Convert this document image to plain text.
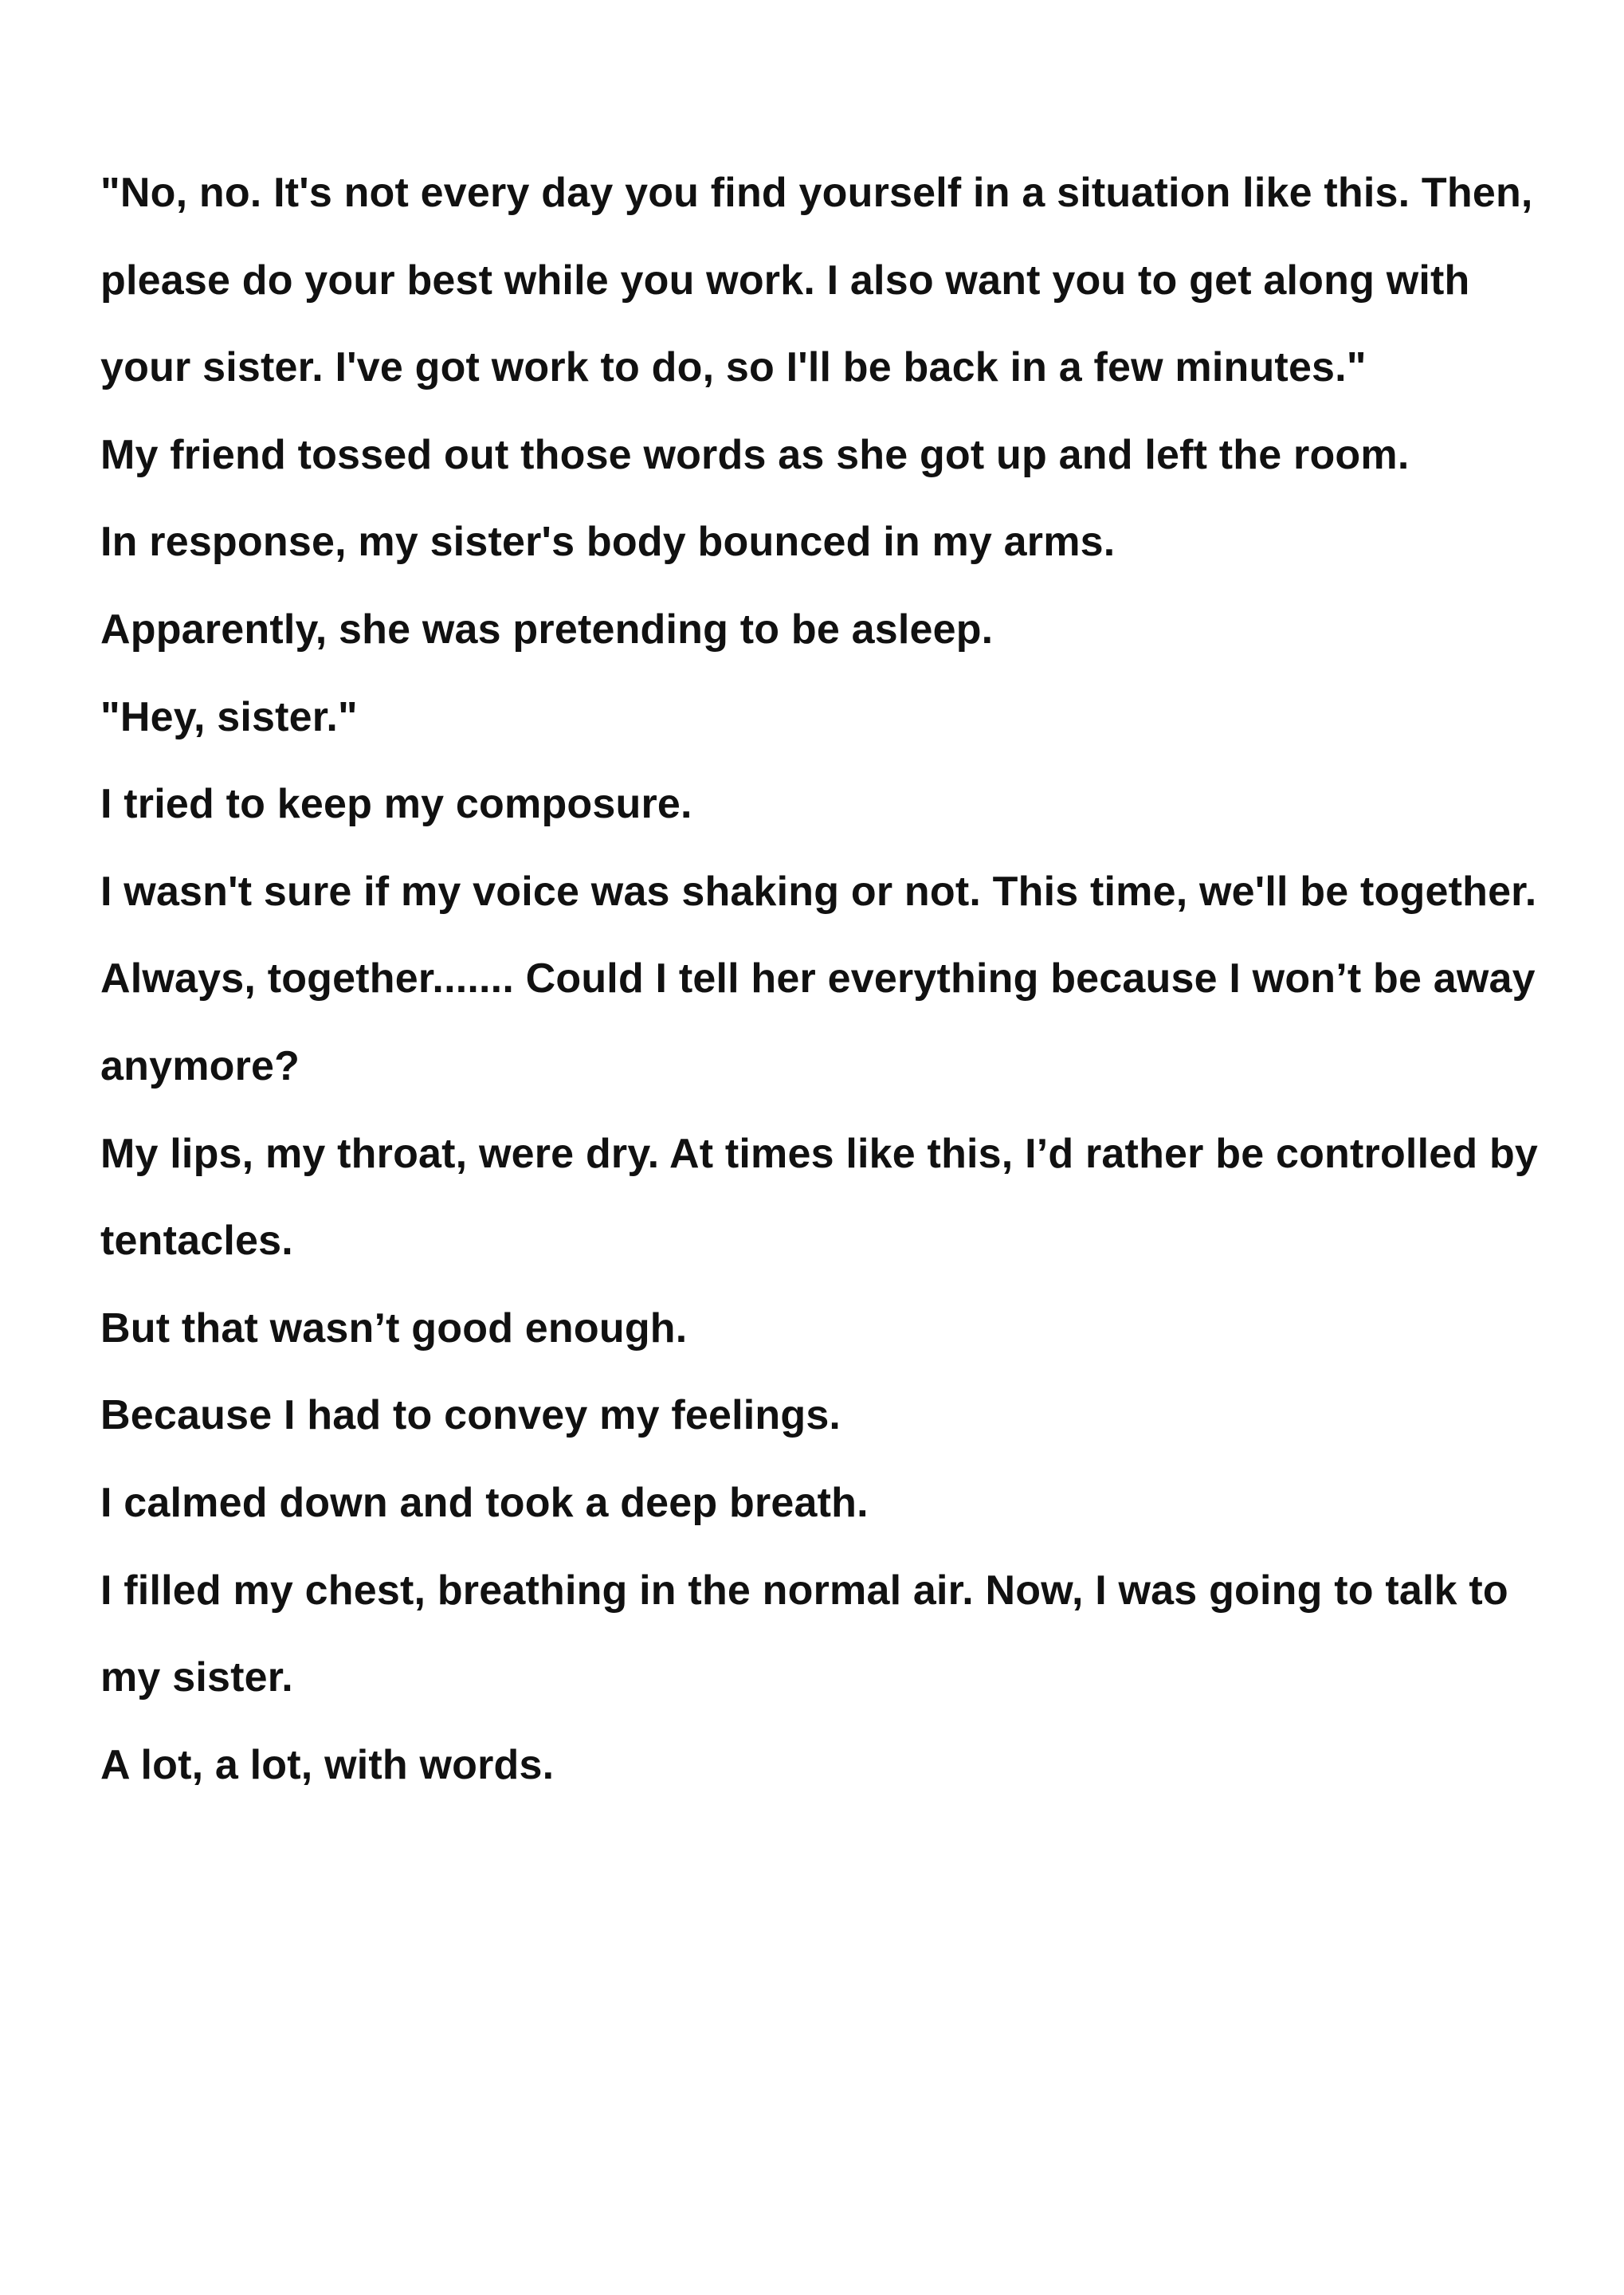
"No, no. It's not every day you find yourself in a situation like this. Then, please do your best while you work. I also want you to get along with your sister. I've got work to do, so I'll be back in a few minutes."

My friend tossed out those words as she got up and left the room.

In response, my sister's body bounced in my arms.

Apparently, she was pretending to be asleep.

"Hey, sister."

I tried to keep my composure.

I wasn't sure if my voice was shaking or not. This time, we'll be together. Always, together....... Could I tell her everything because I won’t be away anymore?

My lips, my throat, were dry. At times like this, I’d rather be controlled by tentacles.

But that wasn’t good enough.

Because I had to convey my feelings.

I calmed down and took a deep breath.

I filled my chest, breathing in the normal air. Now, I was going to talk to my sister.

A lot, a lot, with words.
